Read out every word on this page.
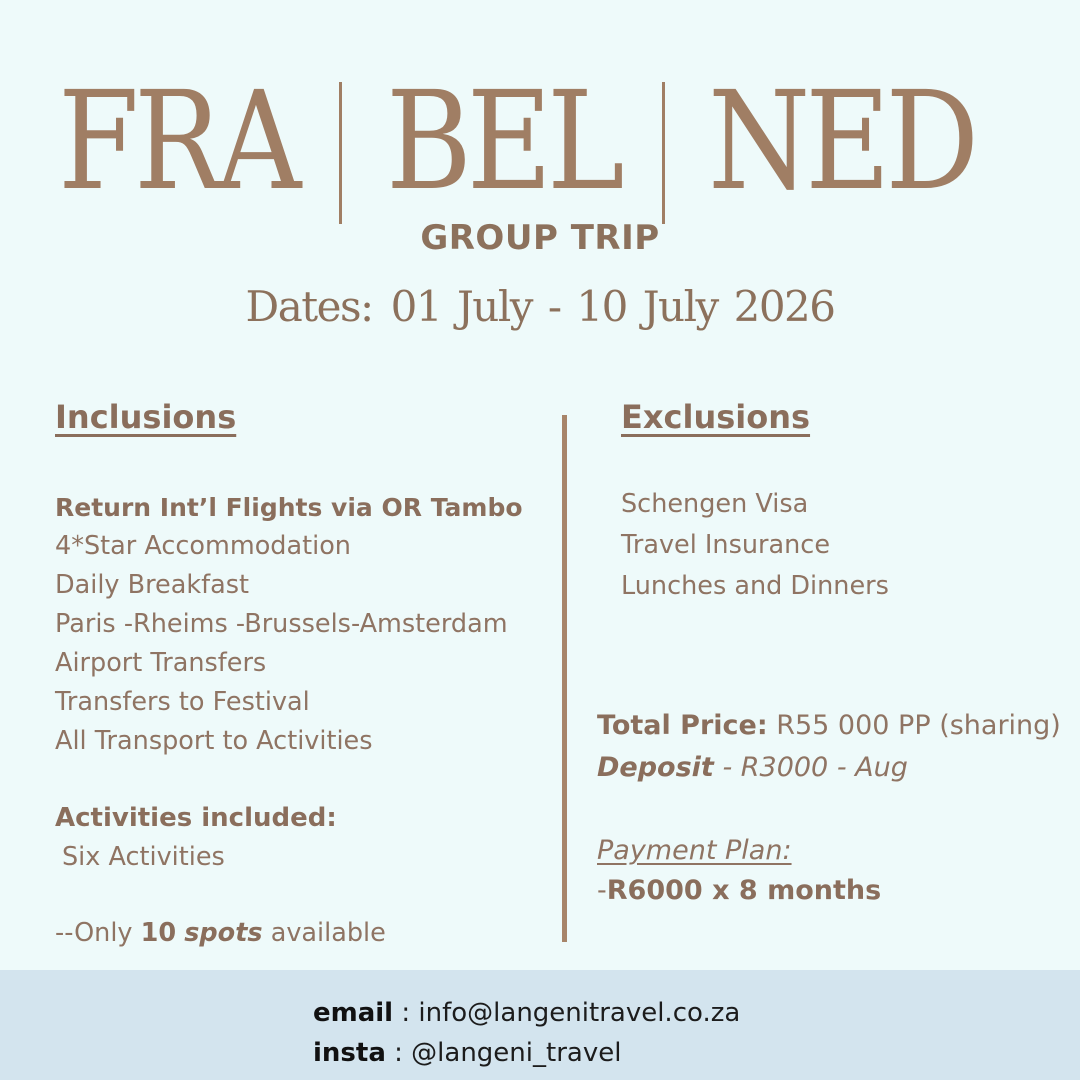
FRA BEL NED
GROUP TRIP
Dates: 01 July - 10 July 2026
Inclusions
Return Int’l Flights via OR Tambo
4*Star Accommodation
Daily Breakfast
Paris -Rheims -Brussels-Amsterdam
Airport Transfers
Transfers to Festival
All Transport to Activities
Activities included:
Six Activities
--Only 10 spots available
Exclusions
Schengen Visa
Travel Insurance
Lunches and Dinners
Total Price: R55 000 PP (sharing)
Deposit - R3000 - Aug
Payment Plan:
-R6000 x 8 months
email : info@langenitravel.co.za
insta : @langeni_travel
